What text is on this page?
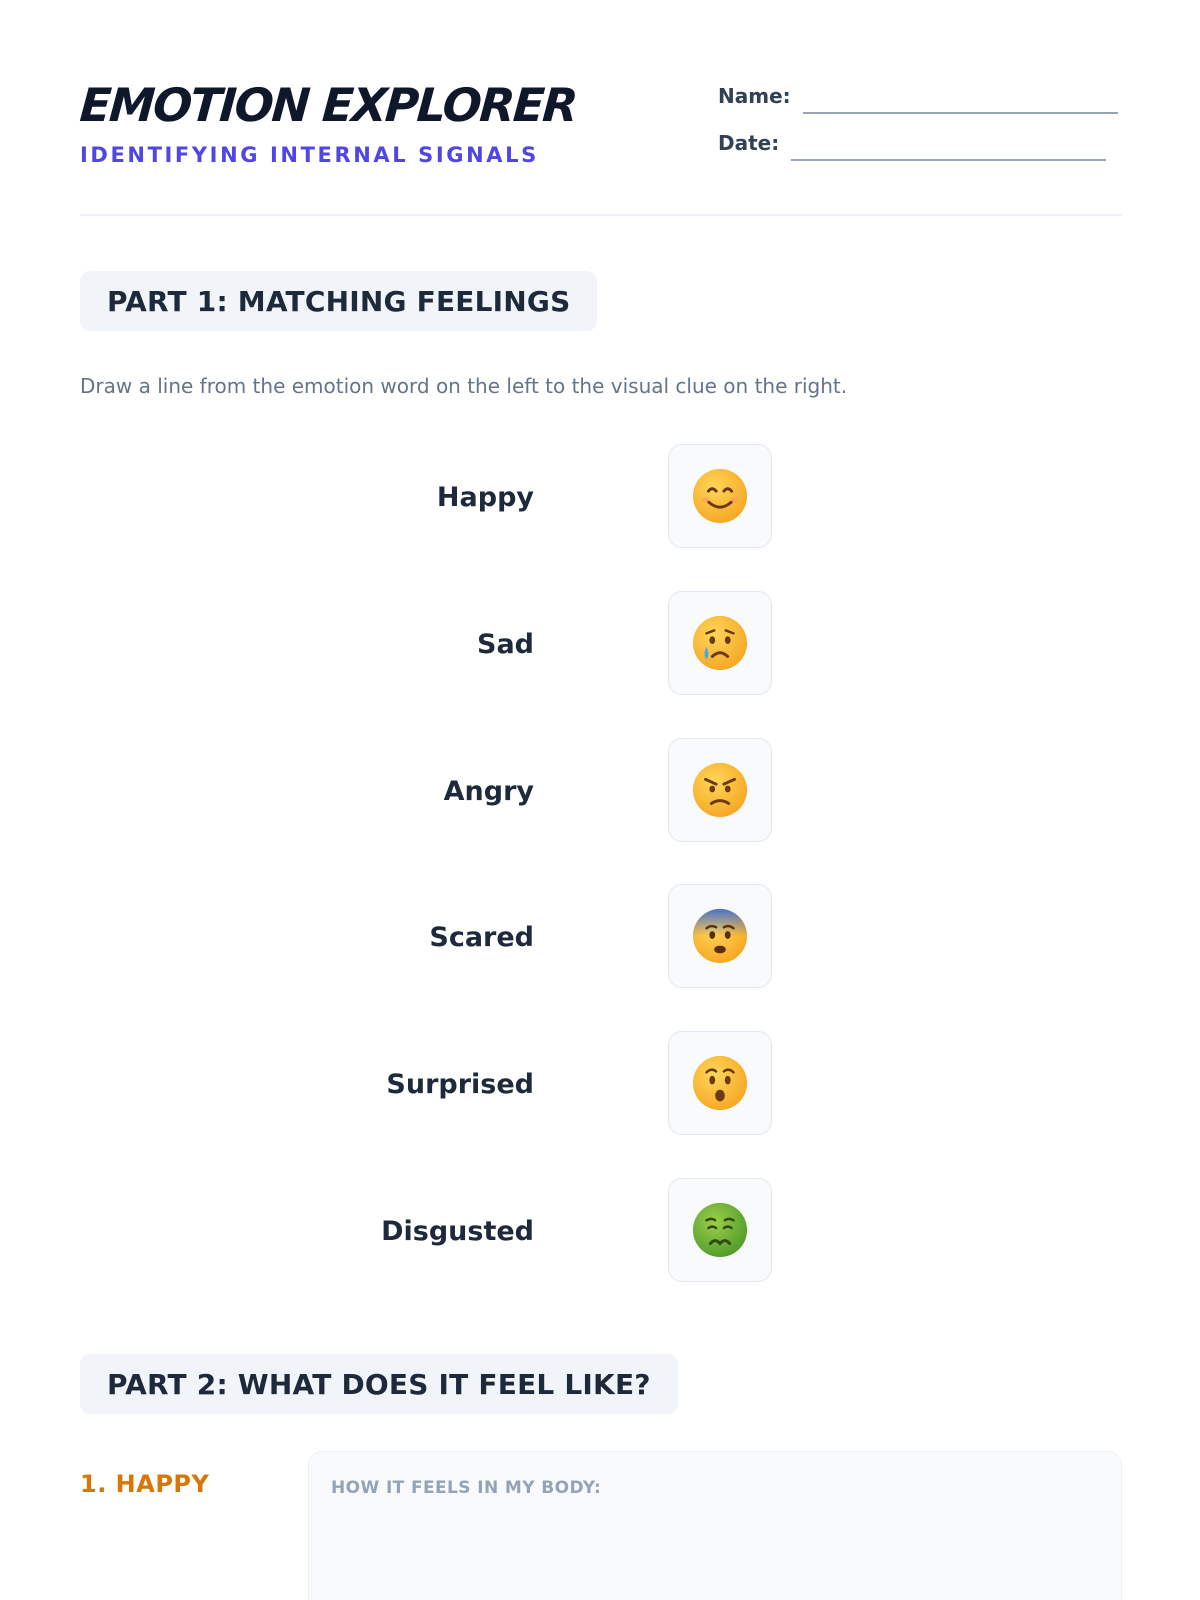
EMOTION EXPLORER
IDENTIFYING INTERNAL SIGNALS
Name:
Date:
PART 1: MATCHING FEELINGS
Draw a line from the emotion word on the left to the visual clue on the right.
Happy
Sad
Angry
Scared
Surprised
Disgusted
PART 2: WHAT DOES IT FEEL LIKE?
1. HAPPY	HOW IT FEELS IN MY BODY:
